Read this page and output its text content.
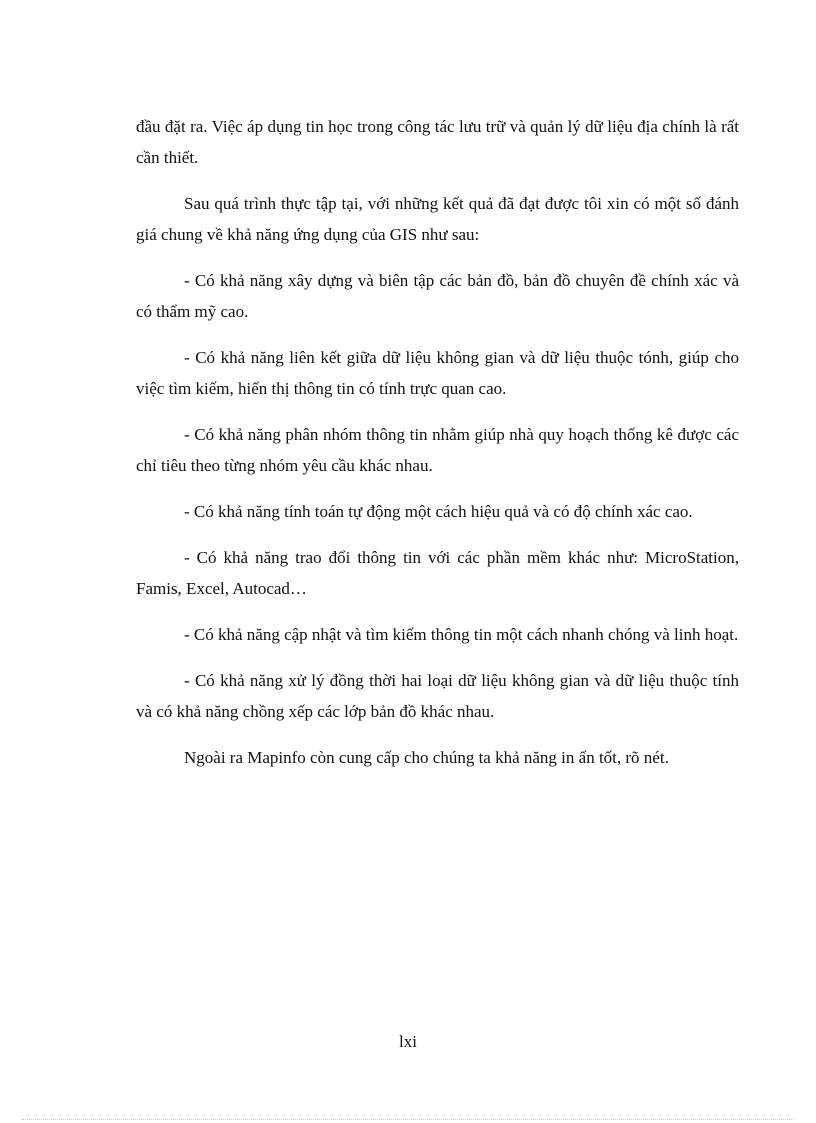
đầu đặt ra. Việc áp dụng tin học trong công tác lưu trữ và quản lý dữ liệu địa chính là rất cần thiết.

Sau quá trình thực tập tại, với những kết quả đã đạt được tôi xin có một số đánh giá chung về khả năng ứng dụng của GIS như sau:

- Có khả năng xây dựng và biên tập các bản đồ, bản đồ chuyên đề chính xác và có thẩm mỹ cao.

- Có khả năng liên kết giữa dữ liệu không gian và dữ liệu thuộc tónh, giúp cho việc tìm kiếm, hiển thị thông tin có tính trực quan cao.

- Có khả năng phân nhóm thông tin nhằm giúp nhà quy hoạch thống kê được các chỉ tiêu theo từng nhóm yêu cầu khác nhau.

- Có khả năng tính toán tự động một cách hiệu quả và có độ chính xác cao.

- Có khả năng trao đổi thông tin với các phần mềm khác như: MicroStation, Famis, Excel, Autocad…

- Có khả năng cập nhật và tìm kiếm thông tin một cách nhanh chóng và linh hoạt.

- Có khả năng xử lý đồng thời hai loại dữ liệu không gian và dữ liệu thuộc tính và có khả năng chồng xếp các lớp bản đồ khác nhau.

Ngoài ra Mapinfo còn cung cấp cho chúng ta khả năng in ấn tốt, rõ nét.

lxi
